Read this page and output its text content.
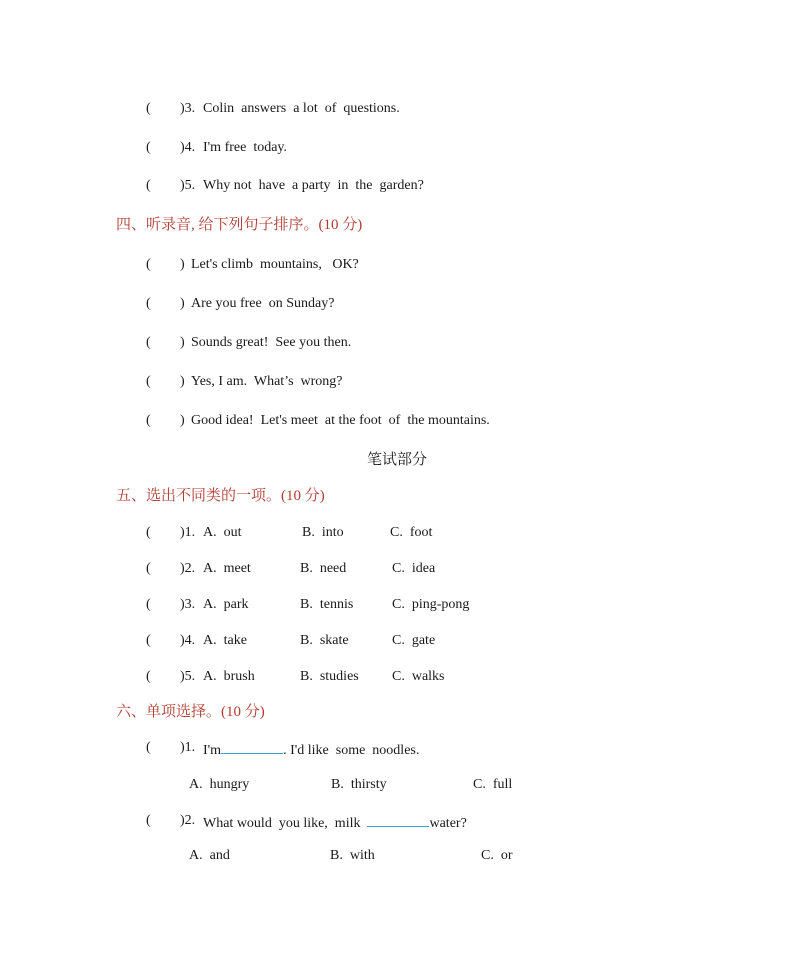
( )3. Colin  answers  a lot  of  questions.
( )4. I'm free  today.
( )5. Why not  have  a party  in  the  garden?
四、听录音, 给下列句子排序。(10 分)
( ) Let's climb  mountains,   OK?
( ) Are you free  on Sunday?
( ) Sounds great!  See you then.
( ) Yes, I am.  What’s  wrong?
( ) Good idea!  Let's meet  at the foot  of  the mountains.
笔试部分
五、选出不同类的一项。(10 分)
( )1. A.  out	B.  into	C.  foot
( )2. A.  meet	B.  need	C.  idea
( )3. A.  park	B.  tennis	C.  ping-pong
( )4. A.  take	B.  skate	C.  gate
( )5. A.  brush	B.  studies C.  walks
六、单项选择。(10 分)
( )1. I'm	. I'd like  some  noodles.
A.  hungry	B.  thirsty	C.  full
( )2. What would  you like,  milk	water?
A.  and	B.  with	C.  or
